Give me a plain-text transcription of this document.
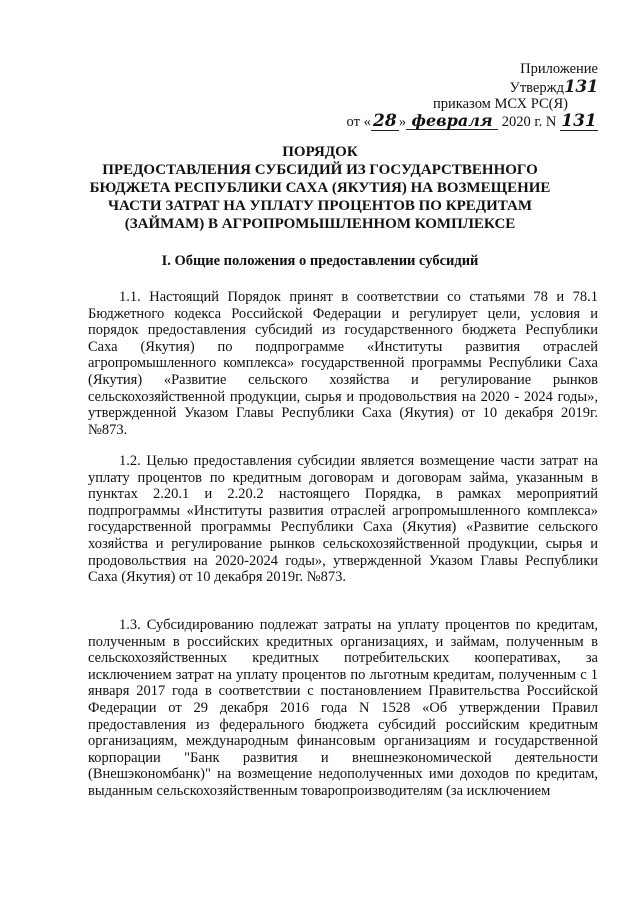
Приложение
Утвержд131
приказом МСХ РС(Я)
от « 28 » февраля 2020 г. N 131
ПОРЯДОК
ПРЕДОСТАВЛЕНИЯ СУБСИДИЙ ИЗ ГОСУДАРСТВЕННОГО
БЮДЖЕТА РЕСПУБЛИКИ САХА (ЯКУТИЯ) НА ВОЗМЕЩЕНИЕ
ЧАСТИ ЗАТРАТ НА УПЛАТУ ПРОЦЕНТОВ ПО КРЕДИТАМ
(ЗАЙМАМ) В АГРОПРОМЫШЛЕННОМ КОМПЛЕКСЕ
I. Общие положения о предоставлении субсидий

1.1. Настоящий Порядок принят в соответствии со статьями 78 и 78.1 Бюджетного кодекса Российской Федерации и регулирует цели, условия и порядок предоставления субсидий из государственного бюджета Республики Саха (Якутия) по подпрограмме «Институты развития отраслей агропромышленного комплекса» государственной программы Республики Саха (Якутия) «Развитие сельского хозяйства и регулирование рынков сельскохозяйственной продукции, сырья и продовольствия на 2020 - 2024 годы», утвержденной Указом Главы Республики Саха (Якутия) от 10 декабря 2019г. №873.

1.2. Целью предоставления субсидии является возмещение части затрат на уплату процентов по кредитным договорам и договорам займа, указанным в пунктах 2.20.1 и 2.20.2 настоящего Порядка, в рамках мероприятий подпрограммы «Институты развития отраслей агропромышленного комплекса» государственной программы Республики Саха (Якутия) «Развитие сельского хозяйства и регулирование рынков сельскохозяйственной продукции, сырья и продовольствия на 2020-2024 годы», утвержденной Указом Главы Республики Саха (Якутия) от 10 декабря 2019г. №873.

1.3. Субсидированию подлежат затраты на уплату процентов по кредитам, полученным в российских кредитных организациях, и займам, полученным в сельскохозяйственных кредитных потребительских кооперативах, за исключением затрат на уплату процентов по льготным кредитам, полученным с 1 января 2017 года в соответствии с постановлением Правительства Российской Федерации от 29 декабря 2016 года N 1528 «Об утверждении Правил предоставления из федерального бюджета субсидий российским кредитным организациям, международным финансовым организациям и государственной корпорации "Банк развития и внешнеэкономической деятельности (Внешэкономбанк)" на возмещение недополученных ими доходов по кредитам, выданным сельскохозяйственным товаропроизводителям (за исключением
